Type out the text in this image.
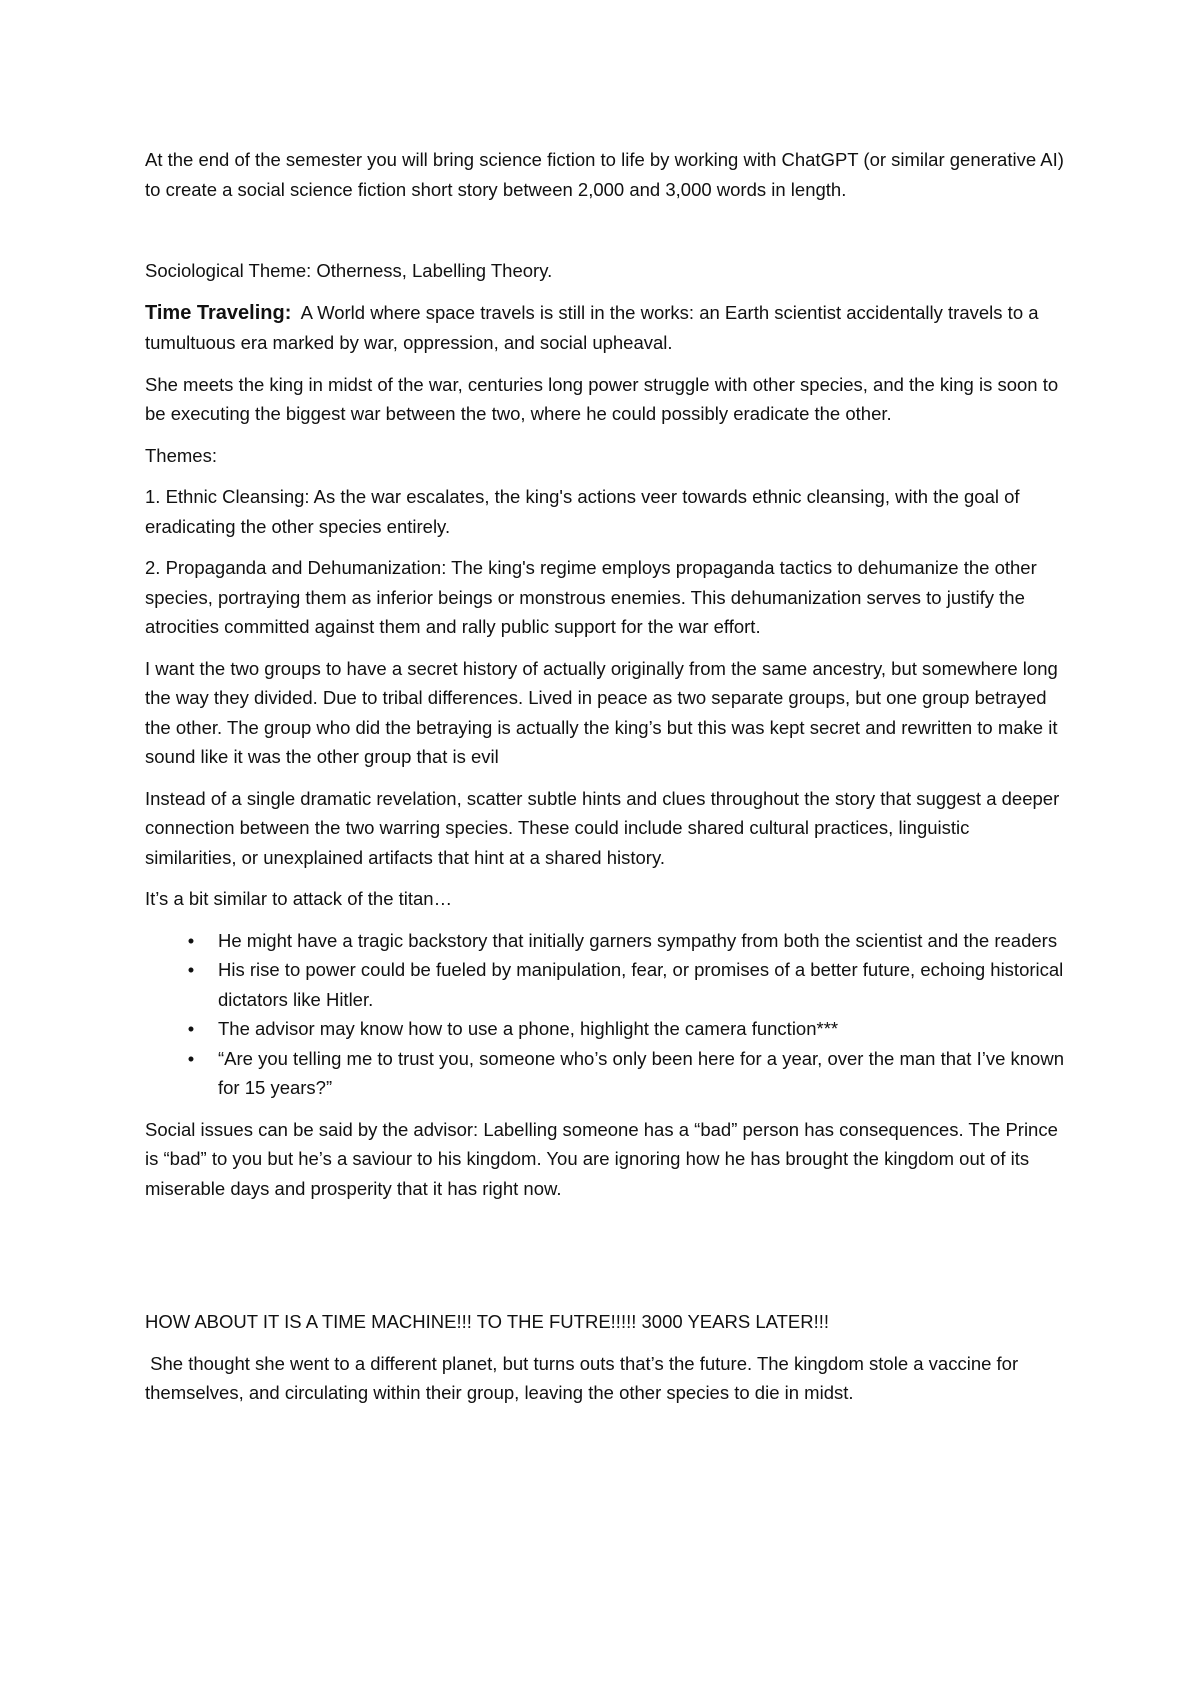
At the end of the semester you will bring science fiction to life by working with ChatGPT (or similar generative AI) to create a social science fiction short story between 2,000 and 3,000 words in length.

Sociological Theme: Otherness, Labelling Theory.

Time Traveling:  A World where space travels is still in the works: an Earth scientist accidentally travels to a tumultuous era marked by war, oppression, and social upheaval.

She meets the king in midst of the war, centuries long power struggle with other species, and the king is soon to be executing the biggest war between the two, where he could possibly eradicate the other.

Themes:

1. Ethnic Cleansing: As the war escalates, the king's actions veer towards ethnic cleansing, with the goal of eradicating the other species entirely.

2. Propaganda and Dehumanization: The king's regime employs propaganda tactics to dehumanize the other species, portraying them as inferior beings or monstrous enemies. This dehumanization serves to justify the atrocities committed against them and rally public support for the war effort.

I want the two groups to have a secret history of actually originally from the same ancestry, but somewhere long the way they divided. Due to tribal differences. Lived in peace as two separate groups, but one group betrayed the other. The group who did the betraying is actually the king’s but this was kept secret and rewritten to make it sound like it was the other group that is evil

Instead of a single dramatic revelation, scatter subtle hints and clues throughout the story that suggest a deeper connection between the two warring species. These could include shared cultural practices, linguistic similarities, or unexplained artifacts that hint at a shared history.

It’s a bit similar to attack of the titan…

•	He might have a tragic backstory that initially garners sympathy from both the scientist and the readers
•	His rise to power could be fueled by manipulation, fear, or promises of a better future, echoing historical dictators like Hitler.
•	The advisor may know how to use a phone, highlight the camera function***
•	“Are you telling me to trust you, someone who’s only been here for a year, over the man that I’ve known for 15 years?”

Social issues can be said by the advisor: Labelling someone has a “bad” person has consequences. The Prince is “bad” to you but he’s a saviour to his kingdom. You are ignoring how he has brought the kingdom out of its miserable days and prosperity that it has right now.

HOW ABOUT IT IS A TIME MACHINE!!! TO THE FUTRE!!!!! 3000 YEARS LATER!!!

She thought she went to a different planet, but turns outs that’s the future. The kingdom stole a vaccine for themselves, and circulating within their group, leaving the other species to die in midst.
